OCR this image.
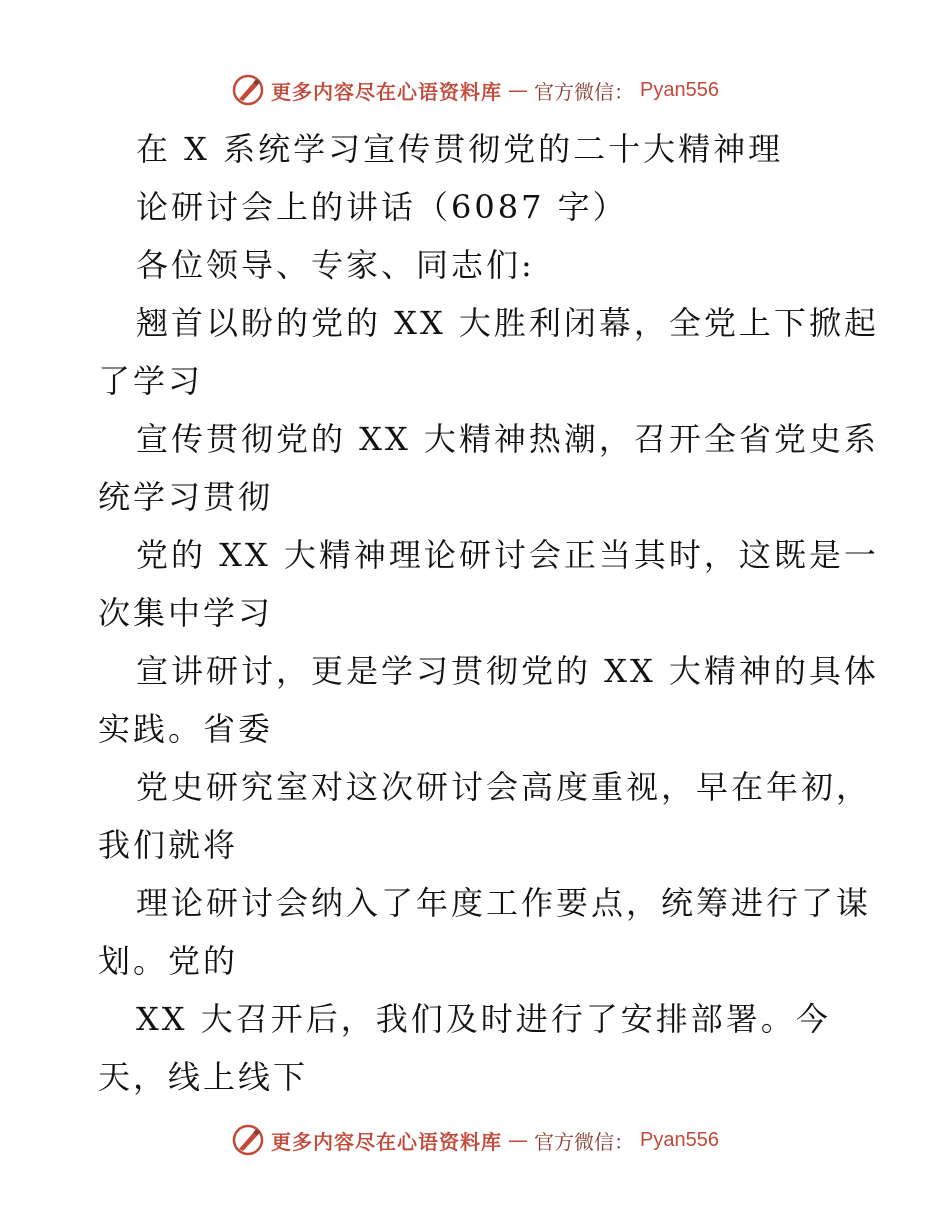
更多内容尽在心语资料库 — 官方微信： Pyan556
在 X 系统学习宣传贯彻党的二十大精神理
论研讨会上的讲话（6087 字）
各位领导、专家、同志们:
翘首以盼的党的 XX 大胜利闭幕，全党上下掀起
了学习
宣传贯彻党的 XX 大精神热潮，召开全省党史系
统学习贯彻
党的 XX 大精神理论研讨会正当其时，这既是一
次集中学习
宣讲研讨，更是学习贯彻党的 XX 大精神的具体
实践。省委
党史研究室对这次研讨会高度重视，早在年初，
我们就将
理论研讨会纳入了年度工作要点，统筹进行了谋
划。党的
XX 大召开后，我们及时进行了安排部署。今
天，线上线下
更多内容尽在心语资料库 — 官方微信： Pyan556
